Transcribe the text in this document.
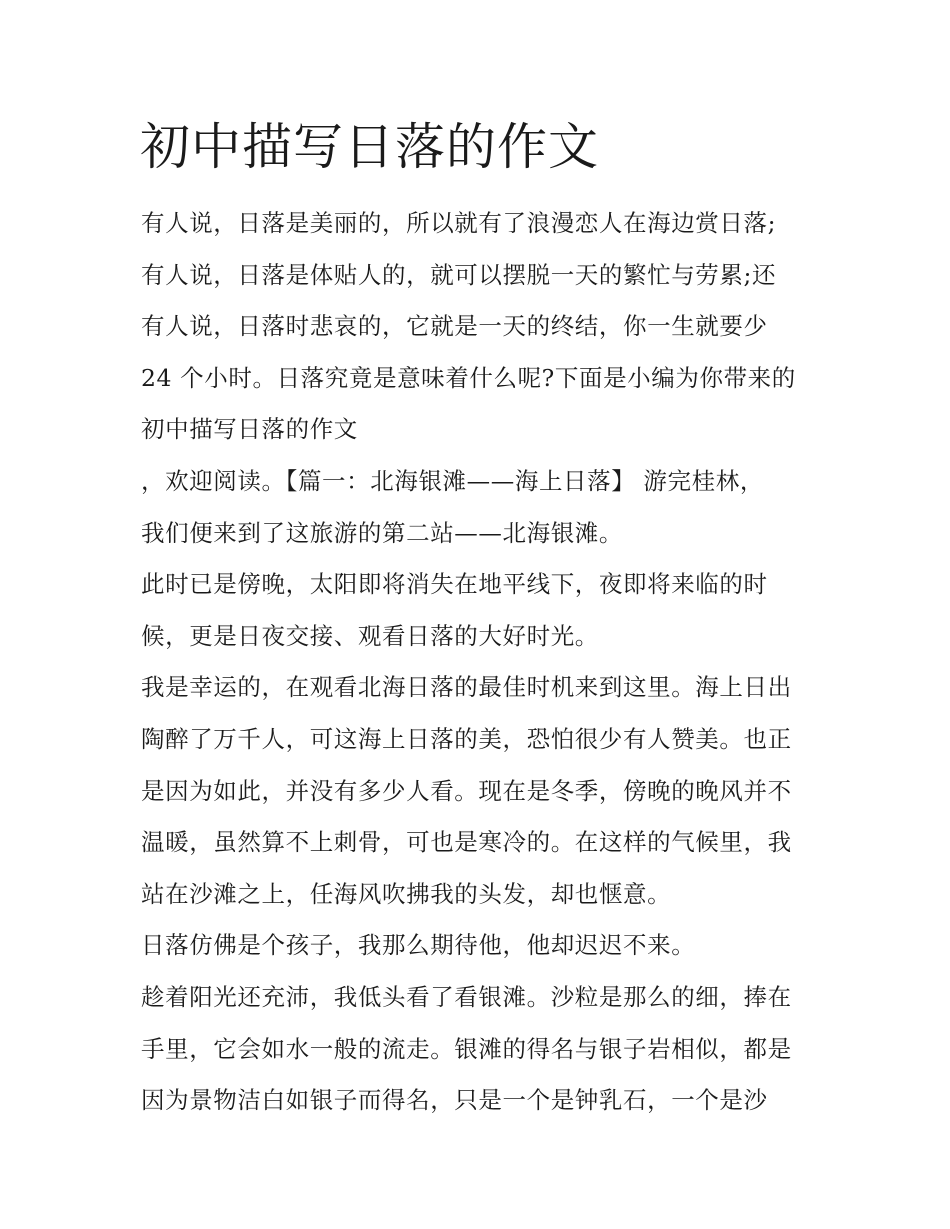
初中描写日落的作文
有人说，日落是美丽的，所以就有了浪漫恋人在海边赏日落;
有人说，日落是体贴人的，就可以摆脱一天的繁忙与劳累;还
有人说，日落时悲哀的，它就是一天的终结，你一生就要少
24 个小时。日落究竟是意味着什么呢?下面是小编为你带来的
初中描写日落的作文
，欢迎阅读。【篇一：北海银滩——海上日落】 游完桂林，
我们便来到了这旅游的第二站——北海银滩。
此时已是傍晚，太阳即将消失在地平线下，夜即将来临的时
候，更是日夜交接、观看日落的大好时光。
我是幸运的，在观看北海日落的最佳时机来到这里。海上日出
陶醉了万千人，可这海上日落的美，恐怕很少有人赞美。也正
是因为如此，并没有多少人看。现在是冬季，傍晚的晚风并不
温暖，虽然算不上刺骨，可也是寒冷的。在这样的气候里，我
站在沙滩之上，任海风吹拂我的头发，却也惬意。
日落仿佛是个孩子，我那么期待他，他却迟迟不来。
趁着阳光还充沛，我低头看了看银滩。沙粒是那么的细，捧在
手里，它会如水一般的流走。银滩的得名与银子岩相似，都是
因为景物洁白如银子而得名，只是一个是钟乳石，一个是沙
